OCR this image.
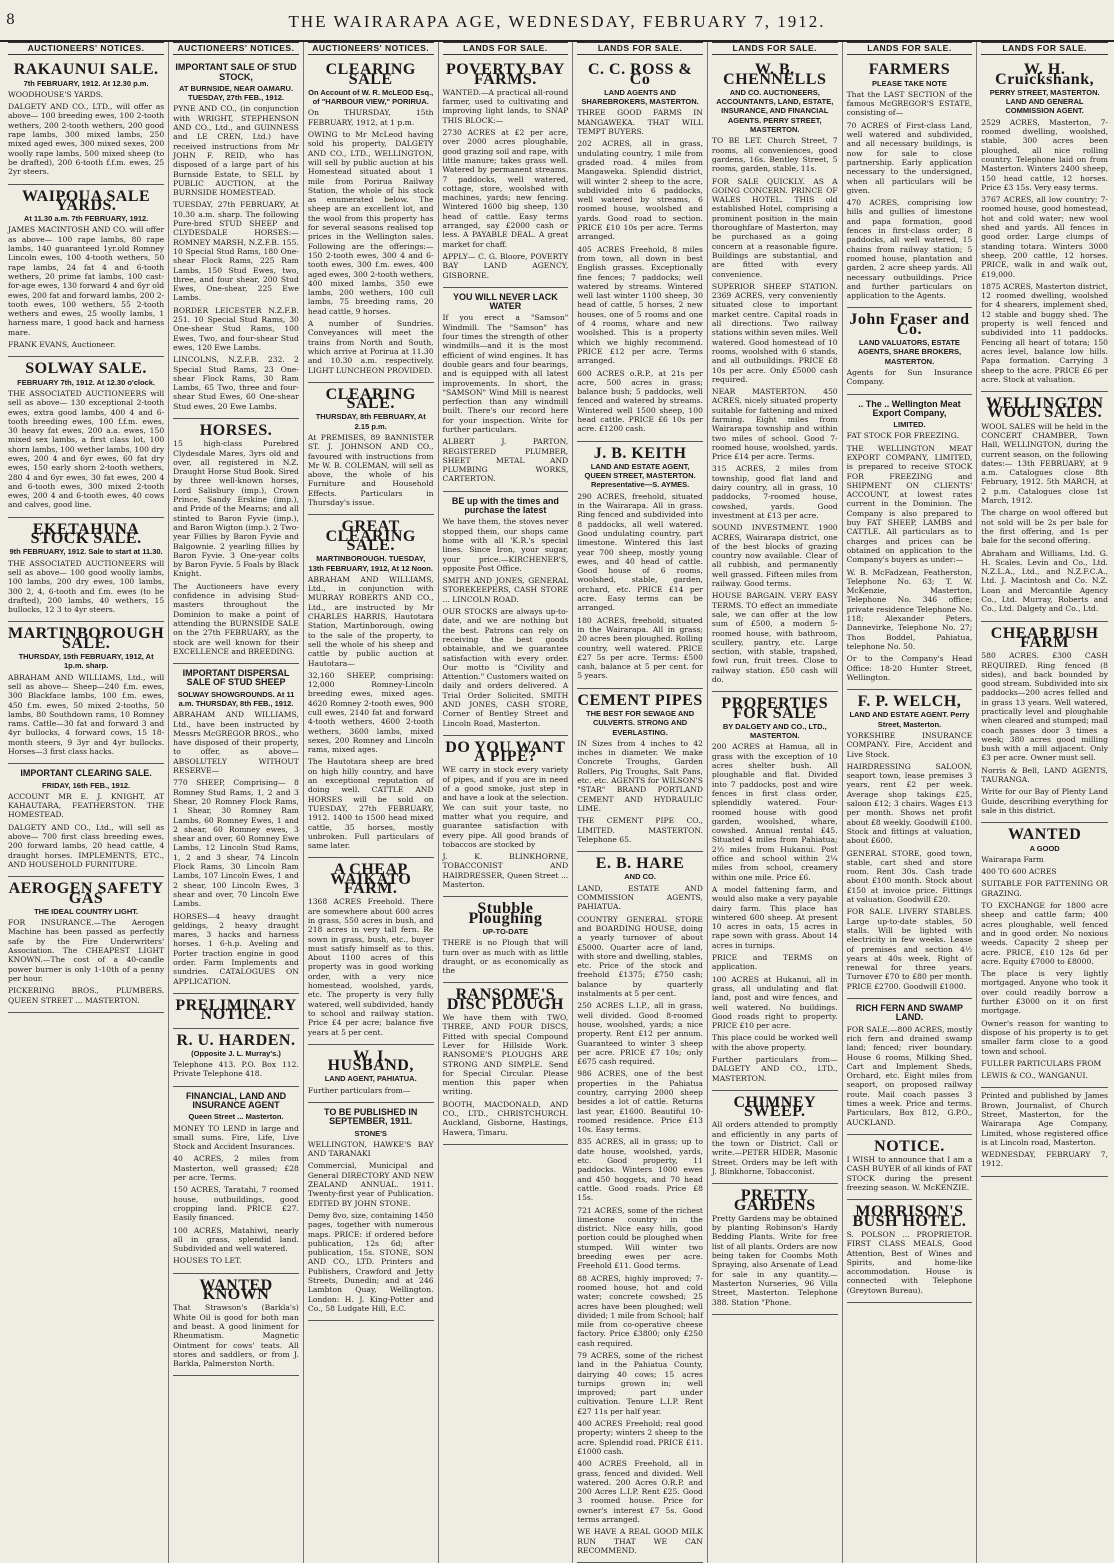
8	THE WAIRARAPA AGE, WEDNESDAY, FEBRUARY 7, 1912.
AUCTIONEERS' NOTICES.
RAKAUNUI SALE.
7th FEBRUARY, 1912. At 12.30 p.m.

WOODHOUSE'S YARDS.

DALGETY AND CO., LTD., will offer as above— 100 breeding ewes, 100 2-tooth wethers, 200 2-tooth wethers, 200 good rape lambs, 300 mixed lambs, 250 mixed aged ewes, 300 mixed sexes, 200 woolly rape lambs, 500 mixed sheep (to be drafted), 200 6-tooth f.f.m. ewes, 25 2yr steers.

WAIPOUA SALE YARDS.
At 11.30 a.m. 7th FEBRUARY, 1912.

JAMES MACINTOSH AND CO. will offer as above— 100 rape lambs, 80 rape lambs, 140 guaranteed 1yr.old Romney Lincoln ewes, 100 4-tooth wethers, 50 rape lambs, 24 fat 4 and 6-tooth wethers, 20 prime fat lambs, 100 cast-for-age ewes, 130 forward 4 and 6yr old ewes, 200 fat and forward lambs, 200 2-tooth ewes, 100 wethers, 55 2-tooth wethers and ewes, 25 woolly lambs, 1 harness mare, 1 good hack and harness mare.

FRANK EVANS, Auctioneer.

SOLWAY SALE.
FEBRUARY 7th, 1912. At 12.30 o'clock.

THE ASSOCIATED AUCTIONEERS will sell as above— 130 exceptional 2-tooth ewes, extra good lambs, 400 4 and 6-tooth breeding ewes, 100 f.f.m. ewes, 30 heavy fat ewes, 200 a.a. ewes, 150 mixed sex lambs, a first class lot, 100 shorn lambs, 100 wether lambs, 100 dry ewes, 200 4 and 6yr ewes, 60 fat dry ewes, 150 early shorn 2-tooth wethers, 280 4 and 6yr ewes, 30 fat ewes, 200 4 and 6-tooth ewes, 300 mixed 2-tooth ewes, 200 4 and 6-tooth ewes, 40 cows and calves, good line.

EKETAHUNA STOCK SALE.
9th FEBRUARY, 1912. Sale to start at 11.30.

THE ASSOCIATED AUCTIONEERS will sell as above— 100 good woolly lambs, 100 lambs, 200 dry ewes, 100 lambs, 300 2, 4, 6-tooth and f.m. ewes (to be drafted), 200 lambs, 40 wethers, 15 bullocks, 12 3 to 4yr steers.

MARTINBOROUGH SALE.
THURSDAY, 15th FEBRUARY, 1912, At 1p.m. sharp.

ABRAHAM AND WILLIAMS, Ltd., will sell as above— Sheep—240 f.m. ewes, 300 Blackface lambs, 100 f.m. ewes, 450 f.m. ewes, 50 mixed 2-tooths, 50 lambs, 80 Southdown rams, 10 Romney rams. Cattle—30 fat and forward 3 and 4yr bullocks, 4 forward cows, 15 18-month steers, 9 3yr and 4yr bullocks. Horses—3 first class hacks.

IMPORTANT CLEARING SALE.
FRIDAY, 16th FEB., 1912.

ACCOUNT MR E. J. KNIGHT, AT KAHAUTARA, FEATHERSTON. THE HOMESTEAD.

DALGETY AND CO., Ltd., will sell as above— 700 first class breeding ewes, 200 forward lambs, 20 head cattle, 4 draught horses. IMPLEMENTS, ETC., AND HOUSEHOLD FURNITURE.

AEROGEN SAFETY GAS
THE IDEAL COUNTRY LIGHT.

FOR INSURANCE.—The Aerogen Machine has been passed as perfectly safe by the Fire Underwriters' Association. The CHEAPEST LIGHT KNOWN.—The cost of a 40-candle power burner is only 1-10th of a penny per hour.

PICKERING BROS., PLUMBERS. QUEEN STREET ... MASTERTON.

AUCTIONEERS' NOTICES.
IMPORTANT SALE OF STUD STOCK,
AT BURNSIDE, NEAR OAMARU. TUESDAY, 27th FEB., 1912.

PYNE AND CO., (in conjunction with WRIGHT, STEPHENSON AND CO., Ltd., and GUINNESS and LE CREN, Ltd.) have received instructions from Mr JOHN F. REID, who has disposed of a large part of his Burnside Estate, to SELL by PUBLIC AUCTION, at the BURNSIDE HOMESTEAD.

TUESDAY, 27th FEBRUARY, At 10.30 a.m. sharp. The following Pure-bred STUD SHEEP and CLYDESDALE HORSES:— ROMNEY MARSH, N.Z.F.B. 155. 10 Special Stud Rams, 180 One-shear Flock Rams, 225 Ram Lambs, 150 Stud Ewes, two, three, and four shear, 200 Stud Ewes, One-shear, 225 Ewe Lambs.

BORDER LEICESTER N.Z.F.B. 251. 10 Special Stud Rams, 30 One-shear Stud Rams, 100 Ewes, Two, and four-shear Stud ewes, 120 Ewe Lambs.

LINCOLNS, N.Z.F.B. 232. 2 Special Stud Rams, 23 One-shear Flock Rams, 30 Ram Lambs, 65 Two, three and four-shear Stud Ewes, 60 One-shear Stud ewes, 20 Ewe Lambs.

HORSES.

15 high-class Purebred Clydesdale Mares, 3yrs old and over, all registered in N.Z. Draught Horse Stud Book. Sired by three well-known horses, Lord Salisbury (imp.), Crown Prince, Sandy Erskine (imp.), and Pride of the Mearns; and all stinted to Baron Fyvie (imp.), and Baron Wigton (imp.). 2 Two-year Fillies by Baron Fyvie and Balgownie. 2 yearling fillies by Baron Fyvie. 3 One-year colts by Baron Fyvie. 5 Foals by Black Knight.

The Auctioneers have every confidence in advising Stud-masters throughout the Dominion to make a point of attending the BURNSIDE SALE on the 27th FEBRUARY, as the stock are well known for their EXCELLENCE and BREEDING.

IMPORTANT DISPERSAL SALE OF STUD SHEEP
SOLWAY SHOWGROUNDS. At 11 a.m. THURSDAY, 8th FEB., 1912.

ABRAHAM AND WILLIAMS, Ltd., have been instructed by Messrs McGREGOR BROS., who have disposed of their property, to offer, as above— ABSOLUTELY WITHOUT RESERVE—

770 SHEEP, Comprising— 8 Romney Stud Rams, 1, 2 and 3 Shear, 20 Romney Flock Rams, 1 Shear, 30 Romney Ram Lambs, 60 Romney Ewes, 1 and 2 shear, 60 Romney ewes, 3 shear and over, 60 Romney Ewe Lambs, 12 Lincoln Stud Rams, 1, 2 and 3 shear, 74 Lincoln Flock Rams, 30 Lincoln Ram Lambs, 107 Lincoln Ewes, 1 and 2 shear, 100 Lincoln Ewes, 3 shear and over, 70 Lincoln Ewe Lambs.

HORSES—4 heavy draught geldings, 2 heavy draught mares, 3 hacks and harness horses. 1 6-h.p. Aveling and Porter traction engine in good order. Farm Implements and sundries. CATALOGUES ON APPLICATION.

PRELIMINARY NOTICE.
R. U. HARDEN.
(Opposite J. L. Murray's.)

Telephone 413. P.O. Box 112. Private Telephone 418.

FINANCIAL, LAND AND INSURANCE AGENT
Queen Street ... Masterton.

MONEY TO LEND in large and small sums. Fire, Life, Live Stock and Accident Insurances.

40 ACRES, 2 miles from Masterton, well grassed; £28 per acre. Terms.

150 ACRES, Taratahi, 7 roomed house, outbuildings, good cropping land. PRICE £27. Easily financed.

100 ACRES, Matahiwi, nearly all in grass, splendid land. Subdivided and well watered.

HOUSES TO LET.

WANTED KNOWN

That Strawson's (Barkla's) White Oil is good for both man and beast. A good liniment for Rheumatism. Magnetic Ointment for cows' teats. All stores and saddlers, or from J. Barkla, Palmerston North.

AUCTIONEERS' NOTICES.
CLEARING SALE
On Account of W. R. McLEOD Esq., of "HARBOUR VIEW," PORIRUA.

On THURSDAY, 15th FEBRUARY, 1912, at 1 p.m.

OWING to Mr McLeod having sold his property, DALGETY AND CO., LTD., WELLINGTON, will sell by public auction at his Homestead situated about 1 mile from Porirua Railway Station, the whole of his stock as enumerated below. The sheep are an excellent lot, and the wool from this property has for several seasons realised top prices in the Wellington sales. Following are the offerings:— 150 2-tooth ewes, 300 4 and 6-tooth ewes, 300 f.m. ewes, 400 aged ewes, 300 2-tooth wethers, 400 mixed lambs, 350 ewe lambs, 200 wethers, 100 cull lambs, 75 breeding rams, 20 head cattle, 9 horses.

A number of Sundries. Conveyances will meet the trains from North and South, which arrive at Porirua at 11.30 and 10.30 a.m. respectively. LIGHT LUNCHEON PROVIDED.

CLEARING SALE.
THURSDAY, 8th FEBRUARY, At 2.15 p.m.

At PREMISES, 89 BANNISTER ST. J. JOHNSON AND CO., favoured with instructions from Mr W. B. COLEMAN, will sell as above, the whole of his Furniture and Household Effects. Particulars in Thursday's issue.

GREAT CLEARING SALE.
MARTINBOROUGH. TUESDAY, 13th FEBRUARY, 1912, At 12 Noon.

ABRAHAM AND WILLIAMS, Ltd., in conjunction with MURRAY ROBERTS AND CO., Ltd., are instructed by Mr CHARLES HARRIS, Hautotara Station, Martinborough, owing to the sale of the property, to sell the whole of his sheep and cattle by public auction at Hautotara—

32,160 SHEEP, comprising: 12,000 Romney-Lincoln breeding ewes, mixed ages. 4620 Romney 2-tooth ewes, 900 cull ewes, 2140 fat and forward 4-tooth wethers, 4600 2-tooth wethers, 3600 lambs, mixed sexes, 200 Romney and Lincoln rams, mixed ages.

The Hautotara sheep are bred on high hilly country, and have an exceptional reputation of doing well. CATTLE AND HORSES will be sold on TUESDAY, 27th FEBRUARY, 1912. 1400 to 1500 head mixed cattle, 35 horses, mostly unbroken. Full particulars of same later.

A CHEAP WAIKATO FARM.

1368 ACRES Freehold. There are somewhere about 600 acres in grass, 550 acres in bush, and 218 acres in very tall fern. Re sown in grass, bush, etc., buyer must satisfy himself as to this. About 1100 acres of this property was in good working order, with a very nice homestead, woolshed, yards, etc. The property is very fully watered, well subdivided, handy to school and railway station. Price £4 per acre; balance five years at 5 per cent.

W. I. HUSBAND,
LAND AGENT, PAHIATUA.

Further particulars from—

TO BE PUBLISHED IN SEPTEMBER, 1911.
STONE'S

WELLINGTON, HAWKE'S BAY AND TARANAKI

Commercial, Municipal and General DIRECTORY AND NEW ZEALAND ANNUAL. 1911. Twenty-first year of Publication. EDITED BY JOHN STONE.

Demy 8vo, size, containing 1450 pages, together with numerous maps. PRICE: if ordered before publication, 12s 6d; after publication, 15s. STONE, SON AND CO., LTD. Printers and Publishers, Crawford and Jetty Streets, Dunedin; and at 246 Lambton Quay, Wellington. London: H. J. King-Potter and Co., 58 Ludgate Hill, E.C.

LANDS FOR SALE.
POVERTY BAY FARMS.

WANTED.—A practical all-round farmer, used to cultivating and improving light lands, to SNAP THIS BLOCK:—

2730 ACRES at £2 per acre, over 2000 acres ploughable, good grazing soil and rape, with little manure; takes grass well. Watered by permanent streams. 7 paddocks, well watered, cottage, store, woolshed with machines, yards; new fencing. Wintered 1600 big sheep, 130 head of cattle. Easy terms arranged, say £2000 cash or less. A PAYABLE DEAL. A great market for chaff.

APPLY— C. G. Bloore, POVERTY BAY LAND AGENCY, GISBORNE.

YOU WILL NEVER LACK WATER

If you erect a "Samson" Windmill. The "Samson" has four times the strength of other windmills—and it is the most efficient of wind engines. It has double gears and four bearings, and is equipped with all latest improvements. In short, the "SAMSON" Wind Mill is nearest perfection than any windmill built. There's our record here for your inspection. Write for further particulars.

ALBERT J. PARTON, REGISTERED PLUMBER, SHEET METAL AND PLUMBING WORKS, CARTERTON.

BE up with the times and purchase the latest

We have them, the stoves never stopped them, our shops came home with all 'K.R.'s special lines. Since Iron, your sugar, your price.—KIRCHENER'S, opposite Post Office.

SMITH AND JONES, GENERAL STOREKEEPERS, CASH STORE ... LINCOLN ROAD.

OUR STOCKS are always up-to-date, and we are nothing but the best. Patrons can rely on receiving the best goods obtainable, and we guarantee satisfaction with every order. Our motto is "Civility and Attention." Customers waited on daily and orders delivered. A Trial Order Solicited. SMITH AND JONES, CASH STORE, Corner of Bentley Street and Lincoln Road, Masterton.

DO YOU WANT A PIPE?

WE carry in stock every variety of pipes, and if you are in need of a good smoke, just step in and have a look at the selection. We can suit your taste, no matter what you require, and guarantee satisfaction with every pipe. All good brands of tobaccos are stocked by

J. K. BLINKHORNE, TOBACCONIST AND HAIRDRESSER, Queen Street ... Masterton.

Stubble Ploughing
UP-TO-DATE

THERE is no Plough that will turn over as much with as little draught, or as economically as the

RANSOME'S DISC PLOUGH

We have them with TWO, THREE, AND FOUR DISCS, Fitted with special Compound Lever for Hillside Work. RANSOME'S PLOUGHS ARE STRONG AND SIMPLE. Send for Special Circular. Please mention this paper when writing.

BOOTH, MACDONALD, AND CO., LTD., CHRISTCHURCH. Auckland, Gisborne, Hastings, Hawera, Timaru.

LANDS FOR SALE.
C. C. ROSS & Co
LAND AGENTS AND SHAREBROKERS, MASTERTON.

THREE GOOD FARMS IN MANGAWEKA. THAT WILL TEMPT BUYERS.

202 ACRES, all in grass, undulating country, 1 mile from graded road. 4 miles from Mangaweka. Splendid district, will winter 2 sheep to the acre, subdivided into 6 paddocks, well watered by streams, 6 roomed house, woolshed and yards. Good road to section. PRICE £10 10s per acre. Terms arranged.

405 ACRES Freehold, 8 miles from town, all down in best English grasses. Exceptionally fine fences; 7 paddocks; well watered by streams. Wintered well last winter 1100 sheep, 30 head of cattle, 5 horses, 2 new houses, one of 5 rooms and one of 4 rooms, whare and new woolshed. This is a property which we highly recommend. PRICE £12 per acre. Terms arranged.

600 ACRES o.R.P., at 21s per acre, 500 acres in grass; balance bush; 5 paddocks, well fenced and watered by streams. Wintered well 1500 sheep, 100 head cattle. PRICE £6 10s per acre. £1200 cash.

J. B. KEITH
LAND AND ESTATE AGENT, QUEEN STREET, MASTERTON. Representative—S. AYMES.

290 ACRES, freehold, situated in the Wairarapa. All in grass. Ring fenced and subdivided into 8 paddocks, all well watered. Good undulating country, part limestone. Wintered this last year 700 sheep, mostly young ewes, and 40 head of cattle. Good house of 6 rooms, woolshed, stable, garden, orchard, etc. PRICE £14 per acre. Easy terms can be arranged.

180 ACRES, freehold, situated in the Wairarapa. All in grass; 20 acres been ploughed. Rolling country, well watered. PRICE £27 5s per acre. Terms: £500 cash, balance at 5 per cent. for 5 years.

CEMENT PIPES
THE BEST FOR SEWAGE AND CULVERTS. STRONG AND EVERLASTING.

IN Sizes from 4 inches to 42 inches in diameter. We make Concrete Troughs, Garden Rollers, Pig Troughs, Salt Pans, etc. etc. AGENTS for WILSON'S "STAR" BRAND PORTLAND CEMENT AND HYDRAULIC LIME.

THE CEMENT PIPE CO., LIMITED. MASTERTON. Telephone 65.

E. B. HARE
AND CO.

LAND, ESTATE AND COMMISSION AGENTS, PAHIATUA.

COUNTRY GENERAL STORE and BOARDING HOUSE, doing a yearly turnover of about £5000. Quarter acre of land, with store and dwelling, stables, etc. Price of the stock and freehold £1375; £750 cash; balance by quarterly instalments at 5 per cent.

250 ACRES L.I.P., all in grass, well divided. Good 8-roomed house, woolshed, yards; a nice property. Rent £12 per annum. Guaranteed to winter 3 sheep per acre. PRICE £7 10s; only £675 cash required.

986 ACRES, one of the best properties in the Pahiatua country, carrying 2000 sheep besides a lot of cattle. Returns last year, £1600. Beautiful 10-roomed residence. Price £13 10s. Easy terms.

835 ACRES, all in grass; up to date house, woolshed, yards, etc. Good property, 11 paddocks. Winters 1000 ewes and 450 hoggets, and 70 head cattle. Good roads. Price £8 15s.

721 ACRES, some of the richest limestone country in the district. Nice easy hills, good portion could be ploughed when stumped. Will winter two breeding ewes per acre. Freehold £11. Good terms.

88 ACRES, highly improved; 7-roomed house, hot and cold water; concrete cowshed; 25 acres have been ploughed; well divided; 1 mile from School; half mile from co-operative cheese factory. Price £3800; only £250 cash required.

79 ACRES, some of the richest land in the Pahiatua County, dairying 40 cows; 15 acres turnips grown in; well improved; part under cultivation. Tenure L.I.P. Rent £27 11s per half year.

400 ACRES Freehold; real good property; winters 2 sheep to the acre. Splendid road. PRICE £11. £1000 cash.

400 ACRES Freehold, all in grass, fenced and divided. Well watered. 200 Acres O.R.P. and 200 Acres L.I.P. Rent £25. Good 3 roomed house. Price for owner's interest £7 5s. Good terms arranged.

WE HAVE A REAL GOOD MILK RUN THAT WE CAN RECOMMEND.

LANDS FOR SALE.
W. B. CHENNELLS
AND CO. AUCTIONEERS, ACCOUNTANTS, LAND, ESTATE, INSURANCE, AND FINANCIAL AGENTS. PERRY STREET, MASTERTON.

TO BE LET. Church Street, 7 rooms, all conveniences, good gardens, 16s. Bentley Street, 5 rooms, garden, stable, 11s.

FOR SALE QUICKLY. AS A GOING CONCERN. PRINCE OF WALES HOTEL. THIS old established Hotel, comprising a prominent position in the main thoroughfare of Masterton, may be purchased as a going concern at a reasonable figure. Buildings are substantial, and are fitted with every convenience.

SUPERIOR SHEEP STATION. 2369 ACRES, very conveniently situated close to important market centre. Capital roads in all directions. Two railway stations within seven miles. Well watered. Good homestead of 10 rooms, woolshed with 6 stands, and all outbuildings. PRICE £8 10s per acre. Only £5000 cash required.

NEAR MASTERTON. 450 ACRES, nicely situated property suitable for fattening and mixed farming. Eight miles from Wairarapa township and within two miles of school. Good 7-roomed house, woolshed, yards. Price £14 per acre. Terms.

315 ACRES, 2 miles from township, good flat land and dairy country, all in grass, 10 paddocks, 7-roomed house, cowshed, yards. Good investment at £13 per acre.

SOUND INVESTMENT. 1900 ACRES, Wairarapa district, one of the best blocks of grazing country now available. Clear of all rubbish, and permanently well grassed. Fifteen miles from railway. Good terms.

HOUSE BARGAIN. VERY EASY TERMS. TO effect an immediate sale, we can offer at the low sum of £500, a modern 5-roomed house, with bathroom, scullery, pantry, etc. Large section, with stable, trapshed, fowl run, fruit trees. Close to railway station. £50 cash will do.

PROPERTIES FOR SALE
BY DALGETY AND CO., LTD., MASTERTON.

200 ACRES at Hamua, all in grass with the exception of 10 acres shelter bush. All ploughable and flat. Divided into 7 paddocks, post and wire fences in first class order, splendidly watered. Four-roomed house with good garden, woolshed, whare, cowshed. Annual rental £45. Situated 4 miles from Pahiatua; 2½ miles from Hukanui. Post office and school within 2¼ miles from school, creamery within one mile. Price £6.

A model fattening farm, and would also make a very payable dairy farm. This place has wintered 600 sheep. At present 10 acres in oats, 15 acres in rape sown with grass. About 14 acres in turnips.

PRICE and TERMS on application.

100 ACRES at Hukanui, all in grass, all undulating and flat land, post and wire fences, and well watered. No buildings. Good roads right to property. PRICE £10 per acre.

This place could be worked well with the above property.

Further particulars from— DALGETY AND CO., LTD., MASTERTON.

CHIMNEY SWEEP.

All orders attended to promptly and efficiently in any parts of the town or District. Call or write.—PETER HIDER, Masonic Street. Orders may be left with J. Blinkhorne, Tobacconist.

PRETTY GARDENS

Pretty Gardens may be obtained by planting Robinson's Hardy Bedding Plants. Write for free list of all plants. Orders are now being taken for Coombs Moth Spraying, also Arsenate of Lead for sale in any quantity.—Masterton Nurseries, 96 Villa Street, Masterton. Telephone 388. Station "Phone.

LANDS FOR SALE.
FARMERS
PLEASE TAKE NOTE

That the LAST SECTION of the famous McGREGOR'S ESTATE, consisting of—

70 ACRES of First-class Land, well watered and subdivided, and all necessary buildings, is now for sale to close partnership. Early application necessary to the undersigned, when all particulars will be given.

470 ACRES, comprising low hills and gullies of limestone and papa formation, good fences in first-class order; 8 paddocks, all well watered, 15 chains from railway station; 5 roomed house, plantation and garden, 2 acre sheep yards. All necessary outbuildings. Price and further particulars on application to the Agents.

John Fraser and Co.
LAND VALUATORS, ESTATE AGENTS, SHARE BROKERS, MASTERTON.

Agents for Sun Insurance Company.

.. The .. Wellington Meat Export Company,
LIMITED.

FAT STOCK FOR FREEZING.

THE WELLINGTON MEAT EXPORT COMPANY, LIMITED, is prepared to receive STOCK FOR FREEZING and SHIPMENT ON CLIENTS' ACCOUNT, at lowest rates current in the Dominion. The Company is also prepared to buy FAT SHEEP, LAMBS and CATTLE. All particulars as to charges and prices can be obtained on application to the Company's buyers as under:—

W. B. McFadzean, Featherston, Telephone No. 63; T. W. McKenzie, Masterton, Telephone No. 346 office; private residence Telephone No. 118; Alexander Peters, Dannevirke, Telephone No. 27; Thos Boddel, Pahiatua, telephone No. 50.

Or to the Company's Head Office: 18-20 Hunter Street, Wellington.

F. P. WELCH,
LAND AND ESTATE AGENT. Perry Street, Masterton.

YORKSHIRE INSURANCE COMPANY. Fire, Accident and Live Stock.

HAIRDRESSING SALOON, seaport town, lease premises 3 years, rent £2 per week. Average shop takings £25, saloon £12; 3 chairs. Wages £13 per month. Shows net profit about £8 weekly. Goodwill £100. Stock and fittings at valuation, about £600.

GENERAL STORE, good town, stable, cart shed and store room. Rent 30s. Cash trade about £100 month. Stock about £150 at invoice price. Fittings at valuation. Goodwill £20.

FOR SALE. LIVERY STABLES. Large up-to-date stables, 50 stalls. Will be lighted with electricity in few weeks. Lease of premises and section 4½ years at 40s week. Right of renewal for three years. Turnover £70 to £80 per month. PRICE £2700. Goodwill £1000.

RICH FERN AND SWAMP LAND.

FOR SALE.—800 ACRES, mostly rich fern and drained swamp land; fenced; river boundary. House 6 rooms, Milking Shed, Cart and Implement Sheds, Orchard, etc. Eight miles from seaport, on proposed railway route. Mail coach passes 3 times a week. Price and terms. Particulars, Box 812, G.P.O., AUCKLAND.

NOTICE.

I WISH to announce that I am a CASH BUYER of all kinds of FAT STOCK during the present freezing season. W. McKENZIE.

MORRISON'S BUSH HOTEL.

S. POLSON ... PROPRIETOR. FIRST CLASS MEALS, Good Attention, Best of Wines and Spirits, and home-like accommodation. House is connected with Telephone (Greytown Bureau).

LANDS FOR SALE.
W. H. Cruickshank,
PERRY STREET, MASTERTON. LAND AND GENERAL COMMISSION AGENT.

2529 ACRES, Masterton, 7-roomed dwelling, woolshed, stable, 300 acres been ploughed, all nice rolling country. Telephone laid on from Masterton. Winters 2400 sheep, 150 head cattle, 12 horses. Price £3 15s. Very easy terms.

3767 ACRES, all low country; 7-roomed house, good homestead, hot and cold water; new wool shed and yards. All fences in good order. Large clumps of standing totara. Winters 3000 sheep, 200 cattle, 12 horses. PRICE, walk in and walk out, £19,000.

1875 ACRES, Masterton district, 12 roomed dwelling, woolshed for 4 shearers, implement shed, 12 stable and buggy shed. The property is well fenced and subdivided into 11 paddocks. Fencing all heart of totara; 150 acres level, balance low hills. Papa formation. Carrying 3 sheep to the acre. PRICE £6 per acre. Stock at valuation.

WELLINGTON WOOL SALES.

WOOL SALES will be held in the CONCERT CHAMBER, Town Hall, WELLINGTON, during the current season, on the following dates:— 13th FEBRUARY, at 9 a.m. Catalogues close 8th February, 1912. 5th MARCH, at 2 p.m. Catalogues close 1st March, 1912.

The charge on wool offered but not sold will be 2s per bale for the first offering, and 1s per bale for the second offering.

Abraham and Williams, Ltd. G. H. Scales. Levin and Co., Ltd. N.Z.L.A., Ltd., and N.Z.F.C.A., Ltd. J. Macintosh and Co. N.Z. Loan and Mercantile Agency Co., Ltd. Murray, Roberts and Co., Ltd. Dalgety and Co., Ltd.

CHEAP BUSH FARM

580 ACRES. £300 CASH REQUIRED. Ring fenced (8 sides), and back bounded by good stream. Subdivided into six paddocks—200 acres felled and in grass 13 years. Well watered, practically level and ploughable when cleared and stumped; mail coach passes door 3 times a week; 380 acres good milling bush with a mill adjacent. Only £3 per acre. Owner must sell.

Norris & Bell, LAND AGENTS, TAURANGA.

Write for our Bay of Plenty Land Guide, describing everything for sale in this district.

WANTED
A GOOD

Wairarapa Farm

400 TO 600 ACRES

SUITABLE FOR FATTENING OR GRAZING.

TO EXCHANGE for 1800 acre sheep and cattle farm; 400 acres ploughable, well fenced and in good order. No noxious weeds. Capacity 2 sheep per acre. PRICE, £10 12s 6d per acre. Equity £7000 to £8000.

The place is very lightly mortgaged. Anyone who took it over could readily borrow a further £3000 on it on first mortgage.

Owner's reason for wanting to dispose of his property is to get smaller farm close to a good town and school.

FULLER PARTICULARS FROM

LEWIS & CO., WANGANUI.

Printed and published by James Brown, Journalist, of Church Street, Masterton, for the Wairarapa Age Company, Limited, whose registered office is at Lincoln road, Masterton.

WEDNESDAY, FEBRUARY 7, 1912.
